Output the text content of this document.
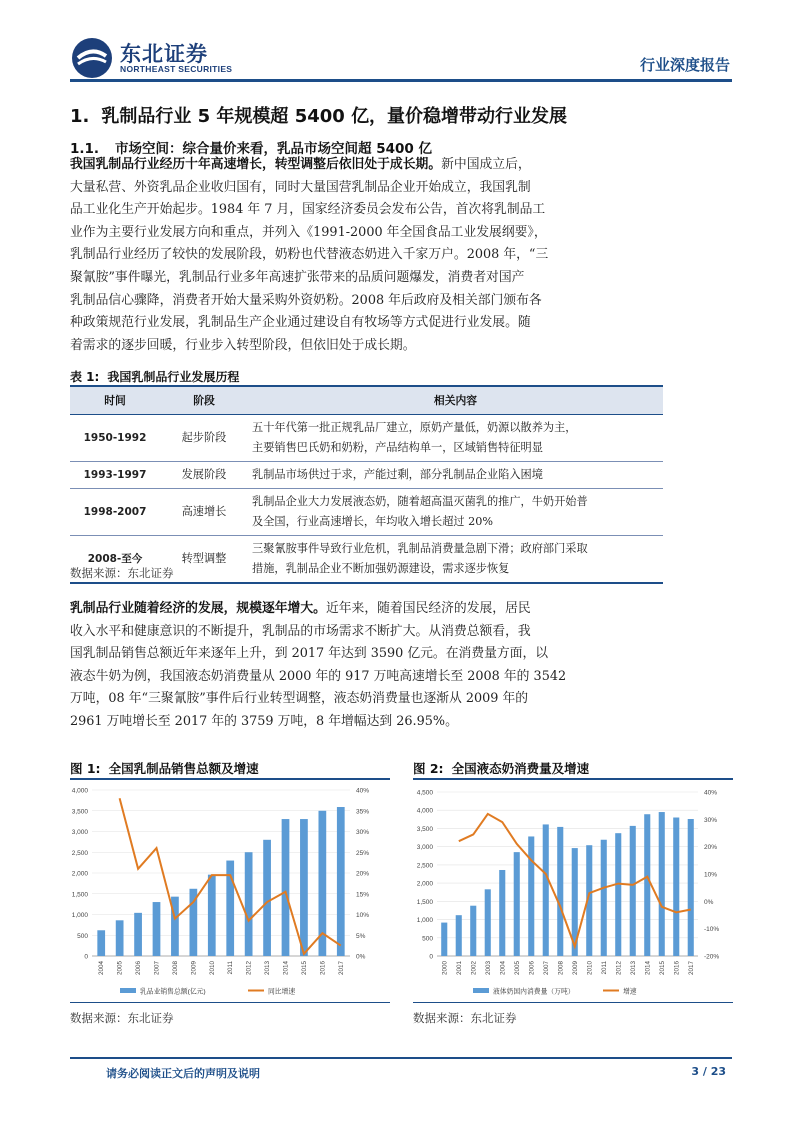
东北证券
NORTHEAST SECURITIES	行业深度报告
1. 乳制品行业 5 年规模超 5400 亿，量价稳增带动行业发展
1.1. 市场空间：综合量价来看，乳品市场空间超 5400 亿
我国乳制品行业经历十年高速增长，转型调整后依旧处于成长期。新中国成立后，
大量私营、外资乳品企业收归国有，同时大量国营乳制品企业开始成立，我国乳制
品工业化生产开始起步。1984 年 7 月，国家经济委员会发布公告，首次将乳制品工
业作为主要行业发展方向和重点，并列入《1991-2000 年全国食品工业发展纲要》，
乳制品行业经历了较快的发展阶段，奶粉也代替液态奶进入千家万户。2008 年，“三
聚氰胺”事件曝光，乳制品行业多年高速扩张带来的品质问题爆发，消费者对国产
乳制品信心骤降，消费者开始大量采购外资奶粉。2008 年后政府及相关部门颁布各
种政策规范行业发展，乳制品生产企业通过建设自有牧场等方式促进行业发展。随
着需求的逐步回暖，行业步入转型阶段，但依旧处于成长期。
表 1: 我国乳制品行业发展历程
时间	阶段	相关内容
1950-1992	起步阶段	五十年代第一批正规乳品厂建立，原奶产量低，奶源以散养为主，
主要销售巴氏奶和奶粉，产品结构单一，区域销售特征明显
1993-1997	发展阶段	乳制品市场供过于求，产能过剩，部分乳制品企业陷入困境
1998-2007	高速增长	乳制品企业大力发展液态奶，随着超高温灭菌乳的推广，牛奶开始普
及全国，行业高速增长，年均收入增长超过 20%
2008-至今	转型调整	三聚氰胺事件导致行业危机，乳制品消费量急剧下滑；政府部门采取
措施，乳制品企业不断加强奶源建设，需求逐步恢复
数据来源：东北证券
乳制品行业随着经济的发展，规模逐年增大。近年来，随着国民经济的发展，居民
收入水平和健康意识的不断提升，乳制品的市场需求不断扩大。从消费总额看，我
国乳制品销售总额近年来逐年上升，到 2017 年达到 3590 亿元。在消费量方面，以
液态牛奶为例，我国液态奶消费量从 2000 年的 917 万吨高速增长至 2008 年的 3542
万吨，08 年“三聚氰胺”事件后行业转型调整，液态奶消费量也逐渐从 2009 年的
2961 万吨增长至 2017 年的 3759 万吨，8 年增幅达到 26.95%。
图 1: 全国乳制品销售总额及增速	图 2: 全国液态奶消费量及增速
0
500
1,000
1,500
2,000
2,500
3,000
3,500
4,000
0%
5%
10%
15%
20%
25%
30%
35%
40%
2004 2005 2006 2007 2008 2009 2010 2011 2012 2013 2014 2015 2016 2017
乳品业销售总额(亿元)	同比增速
0
500
1,000
1,500
2,000
2,500
3,000
3,500
4,000
4,500
-20%
-10%
0%
10%
20%
30%
40%
2000 2001 2002 2003 2004 2005 2006 2007 2008 2009 2010 2011 2012 2013 2014 2015 2016 2017
液体奶国内消费量（万吨）	增速
数据来源：东北证券	数据来源：东北证券
请务必阅读正文后的声明及说明	3 / 23
